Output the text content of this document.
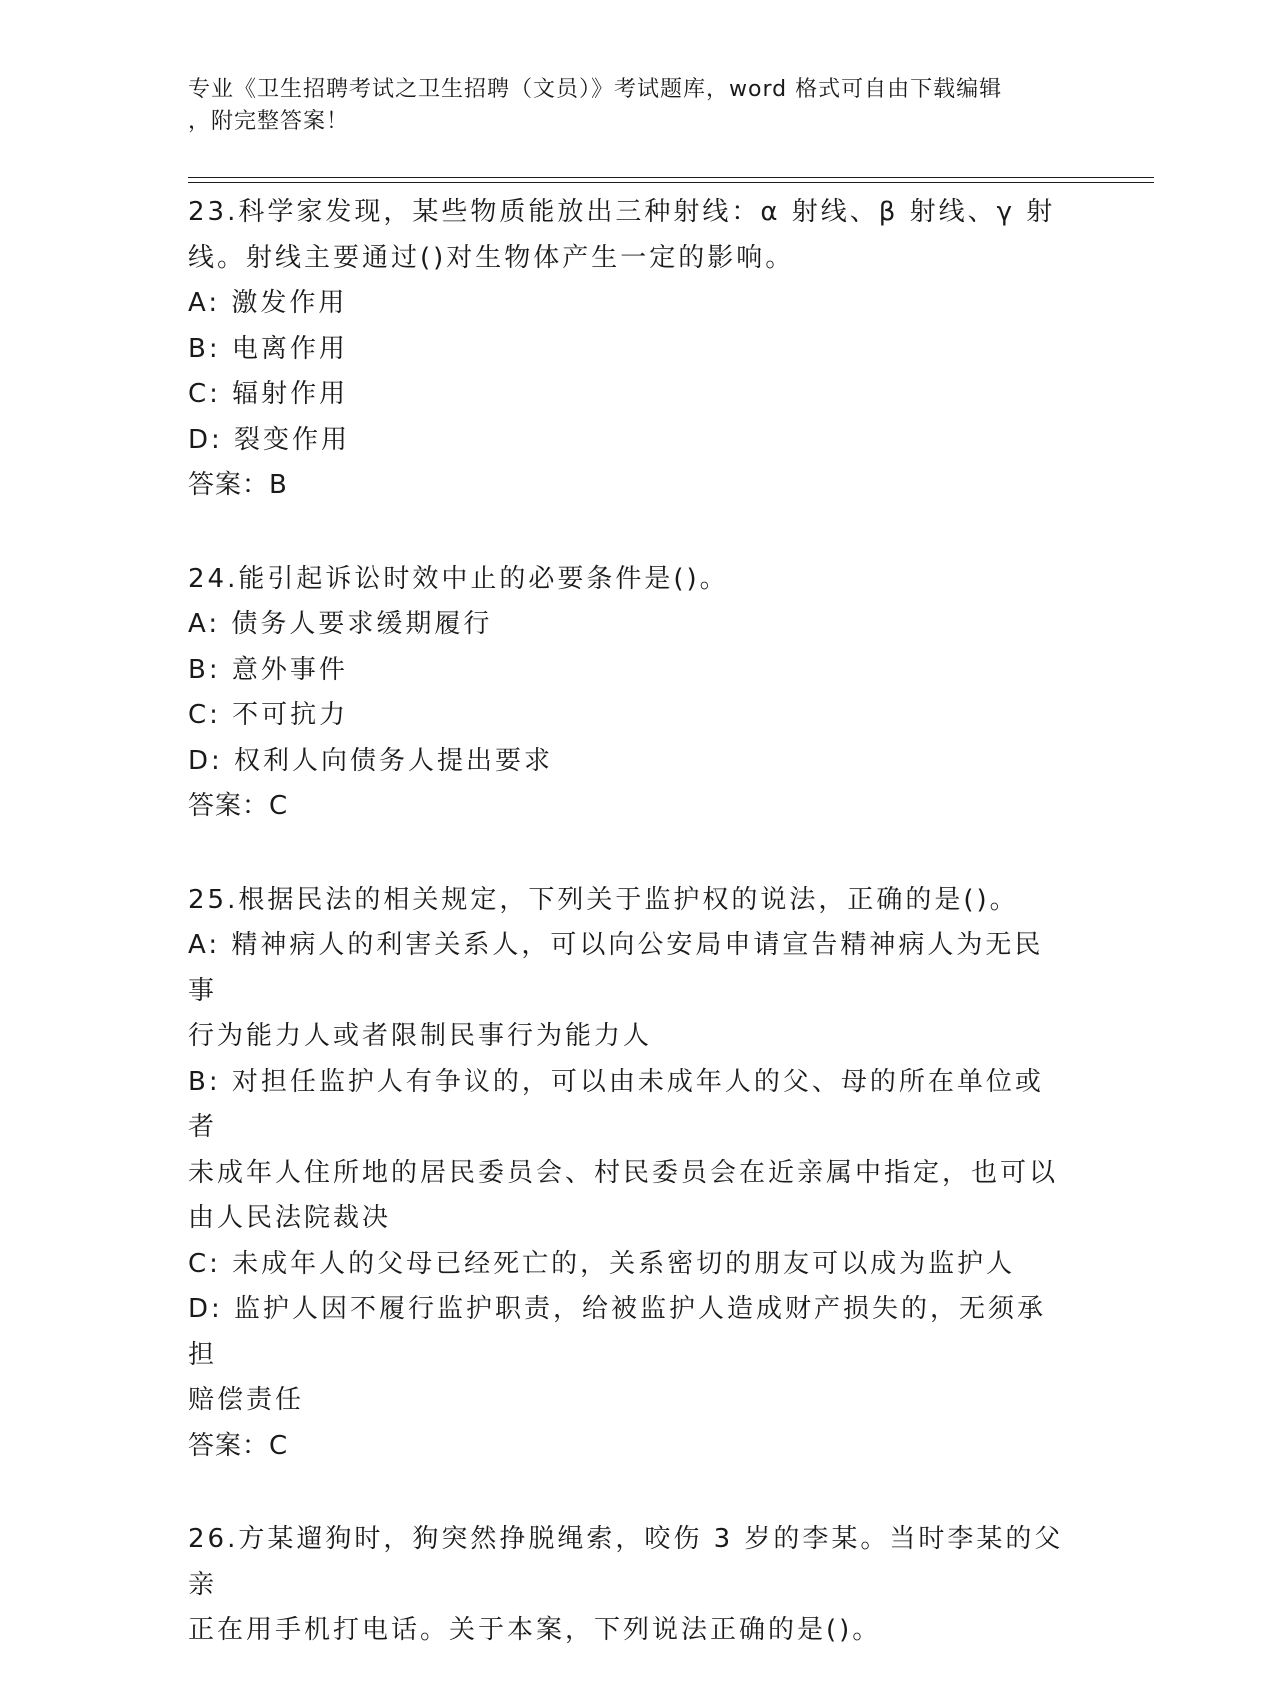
专业《卫生招聘考试之卫生招聘（文员）》考试题库，word 格式可自由下载编辑
，附完整答案！
23.科学家发现，某些物质能放出三种射线：α 射线、β 射线、γ 射
线。射线主要通过()对生物体产生一定的影响。
A: 激发作用
B: 电离作用
C: 辐射作用
D: 裂变作用
答案：B
24.能引起诉讼时效中止的必要条件是()。
A: 债务人要求缓期履行
B: 意外事件
C: 不可抗力
D: 权利人向债务人提出要求
答案：C
25.根据民法的相关规定，下列关于监护权的说法，正确的是()。
A: 精神病人的利害关系人，可以向公安局申请宣告精神病人为无民事
行为能力人或者限制民事行为能力人
B: 对担任监护人有争议的，可以由未成年人的父、母的所在单位或者
未成年人住所地的居民委员会、村民委员会在近亲属中指定，也可以
由人民法院裁决
C: 未成年人的父母已经死亡的，关系密切的朋友可以成为监护人
D: 监护人因不履行监护职责，给被监护人造成财产损失的，无须承担
赔偿责任
答案：C
26.方某遛狗时，狗突然挣脱绳索，咬伤 3 岁的李某。当时李某的父亲
正在用手机打电话。关于本案，下列说法正确的是()。
